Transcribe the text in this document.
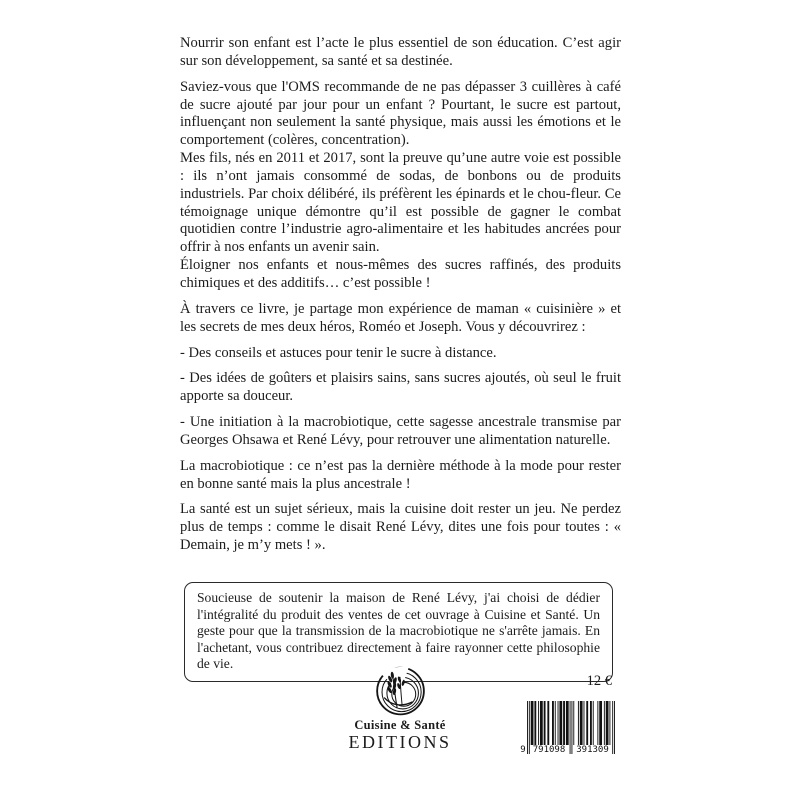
Nourrir son enfant est l’acte le plus essentiel de son éducation. C’est agir sur son développement, sa santé et sa destinée.

Saviez-vous que l'OMS recommande de ne pas dépasser 3 cuillères à café de sucre ajouté par jour pour un enfant ? Pourtant, le sucre est partout, influençant non seulement la santé physique, mais aussi les émotions et le comportement (colères, concentration).

Mes fils, nés en 2011 et 2017, sont la preuve qu’une autre voie est possible : ils n’ont jamais consommé de sodas, de bonbons ou de produits industriels. Par choix délibéré, ils préfèrent les épinards et le chou-fleur. Ce témoignage unique démontre qu’il est possible de gagner le combat quotidien contre l’industrie agro-alimentaire et les habitudes ancrées pour offrir à nos enfants un avenir sain.

Éloigner nos enfants et nous-mêmes des sucres raffinés, des produits chimiques et des additifs… c’est possible !

À travers ce livre, je partage mon expérience de maman « cuisinière » et les secrets de mes deux héros, Roméo et Joseph. Vous y découvrirez :

- Des conseils et astuces pour tenir le sucre à distance.

- Des idées de goûters et plaisirs sains, sans sucres ajoutés, où seul le fruit apporte sa douceur.

- Une initiation à la macrobiotique, cette sagesse ancestrale transmise par Georges Ohsawa et René Lévy, pour retrouver une alimentation naturelle.

La macrobiotique : ce n’est pas la dernière méthode à la mode pour rester en bonne santé mais la plus ancestrale !

La santé est un sujet sérieux, mais la cuisine doit rester un jeu. Ne perdez plus de temps : comme le disait René Lévy, dites une fois pour toutes : « Demain, je m’y mets ! ».

Soucieuse de soutenir la maison de René Lévy, j'ai choisi de dédier l'intégralité du produit des ventes de cet ouvrage à Cuisine et Santé. Un geste pour que la transmission de la macrobiotique ne s'arrête jamais. En l'achetant, vous contribuez directement à faire rayonner cette philosophie de vie.

Cuisine & Santé
EDITIONS
12 €
9 791098	391309
